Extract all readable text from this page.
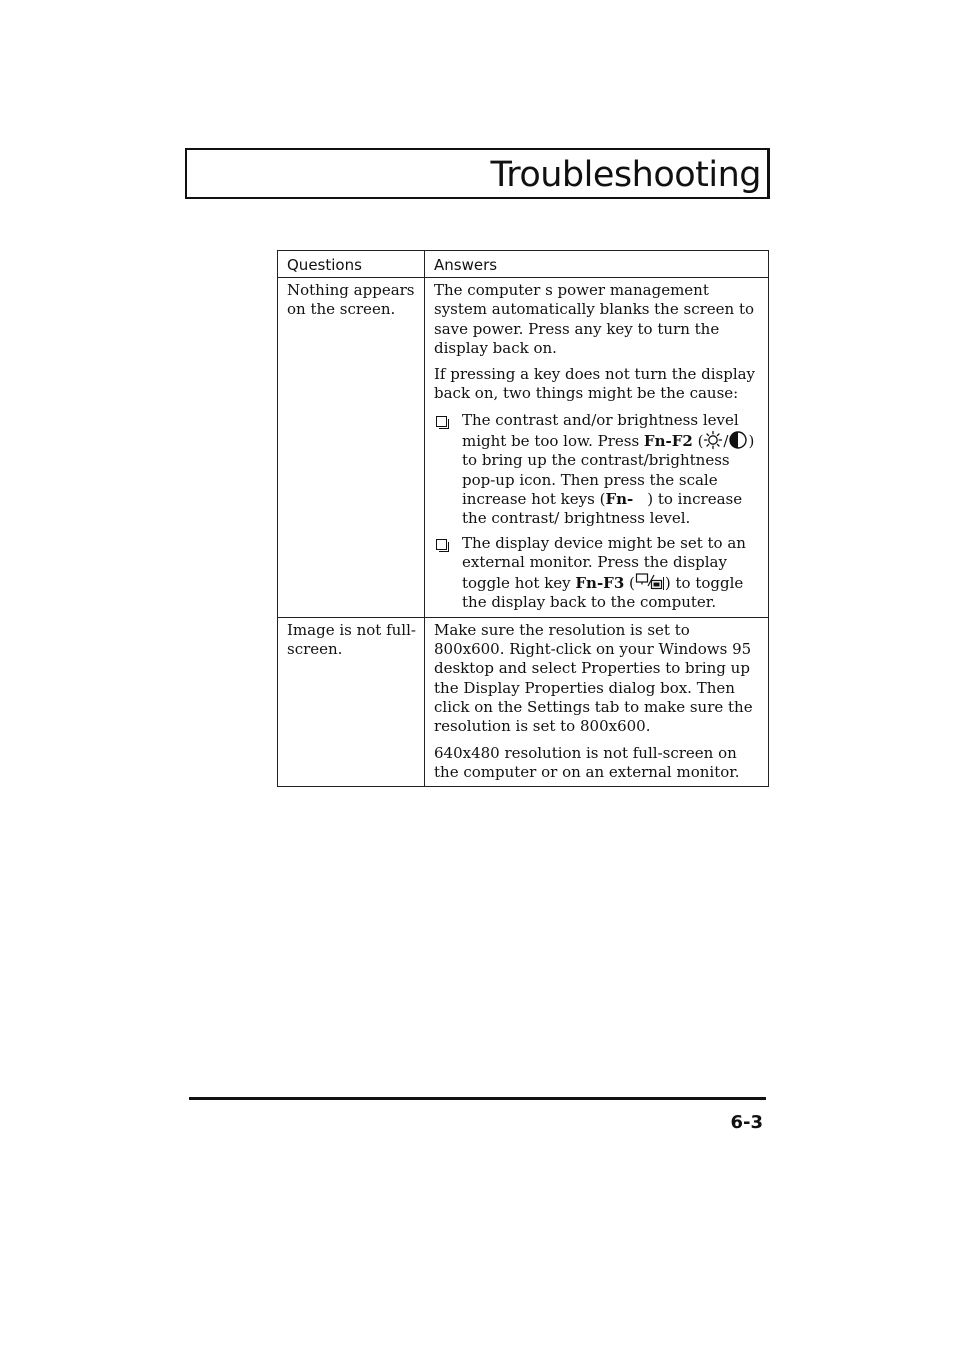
Troubleshooting
Questions	Answers
Nothing appears on the screen.	The computer s power management system automatically blanks the screen to save power. Press any key to turn the display back on.

If pressing a key does not turn the display back on, two things might be the cause:

The contrast and/or brightness level might be too low. Press Fn-F2 ( / ) to bring up the contrast/brightness pop-up icon. Then press the scale increase hot keys (Fn- ) to increase the contrast/ brightness level.
The display device might be set to an external monitor. Press the display toggle hot key Fn-F3 ( ) to toggle the display back to the computer.

Image is not full-screen.	Make sure the resolution is set to 800x600. Right-click on your Windows 95 desktop and select Properties to bring up the Display Properties dialog box. Then click on the Settings tab to make sure the resolution is set to 800x600.

640x480 resolution is not full-screen on the computer or on an external monitor.

6-3
